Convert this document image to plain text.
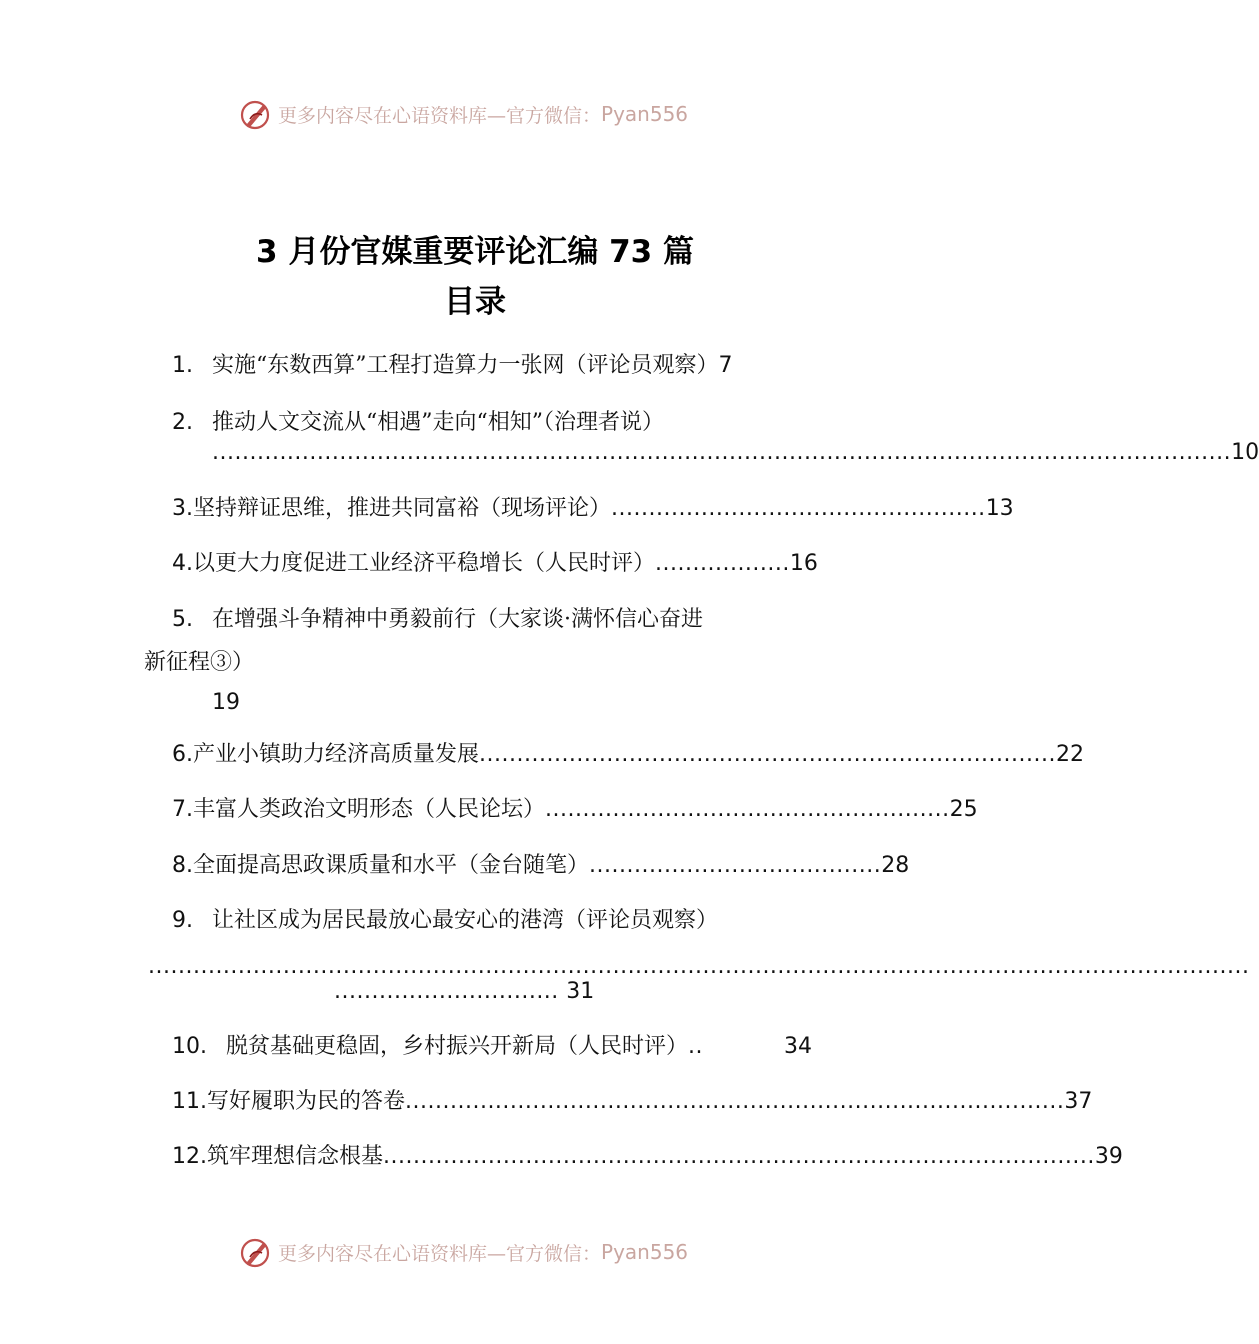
更多内容尽在心语资料库—官方微信： Pyan556
3 月份官媒重要评论汇编 73 篇
目录
1. 实施“东数西算”工程打造算力一张网（评论员观察）7
2. 推动人文交流从“相遇”走向“相知”（治理者说）
........................................................................................................................................ 10
3. 坚持辩证思维，推进共同富裕（现场评论） .................................................. 13
4. 以更大力度促进工业经济平稳增长（人民时评） .................. 16
5. 在增强斗争精神中勇毅前行（大家谈·满怀信心奋进
新征程③）
19
6. 产业小镇助力经济高质量发展 ............................................................................. 22
7. 丰富人类政治文明形态（人民论坛） ...................................................... 25
8. 全面提高思政课质量和水平（金台随笔） ....................................... 28
9. 让社区成为居民最放心最安心的港湾（评论员观察）
...................................................................................................................................................
.............................. 31
10. 脱贫基础更稳固，乡村振兴开新局（人民时评） ..	34
11. 写好履职为民的答卷 ........................................................................................ 37
12. 筑牢理想信念根基 ............................................................................................... 39
更多内容尽在心语资料库—官方微信： Pyan556
